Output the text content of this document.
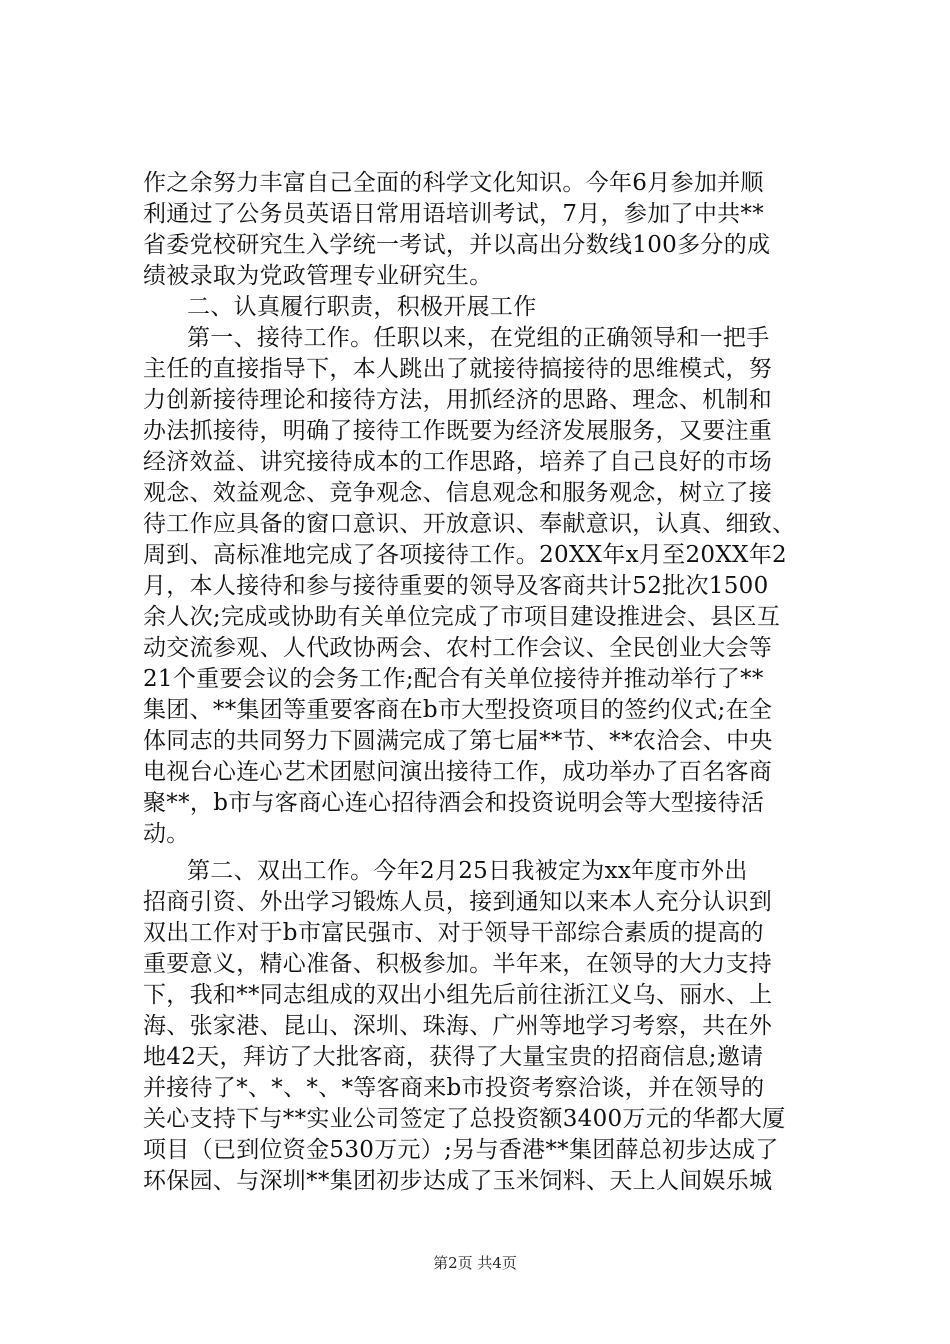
作之余努力丰富自己全面的科学文化知识。今年6月参加并顺
利通过了公务员英语日常用语培训考试，7月，参加了中共**
省委党校研究生入学统一考试，并以高出分数线100多分的成
绩被录取为党政管理专业研究生。
二、认真履行职责，积极开展工作
第一、接待工作。任职以来，在党组的正确领导和一把手
主任的直接指导下，本人跳出了就接待搞接待的思维模式，努
力创新接待理论和接待方法，用抓经济的思路、理念、机制和
办法抓接待，明确了接待工作既要为经济发展服务，又要注重
经济效益、讲究接待成本的工作思路，培养了自己良好的市场
观念、效益观念、竞争观念、信息观念和服务观念，树立了接
待工作应具备的窗口意识、开放意识、奉献意识，认真、细致、
周到、高标准地完成了各项接待工作。20XX年x月至20XX年2
月，本人接待和参与接待重要的领导及客商共计52批次1500
余人次;完成或协助有关单位完成了市项目建设推进会、县区互
动交流参观、人代政协两会、农村工作会议、全民创业大会等
21个重要会议的会务工作;配合有关单位接待并推动举行了**
集团、**集团等重要客商在b市大型投资项目的签约仪式;在全
体同志的共同努力下圆满完成了第七届**节、**农洽会、中央
电视台心连心艺术团慰问演出接待工作，成功举办了百名客商
聚**，b市与客商心连心招待酒会和投资说明会等大型接待活
动。
第二、双出工作。今年2月25日我被定为xx年度市外出
招商引资、外出学习锻炼人员，接到通知以来本人充分认识到
双出工作对于b市富民强市、对于领导干部综合素质的提高的
重要意义，精心准备、积极参加。半年来，在领导的大力支持
下，我和**同志组成的双出小组先后前往浙江义乌、丽水、上
海、张家港、昆山、深圳、珠海、广州等地学习考察，共在外
地42天，拜访了大批客商，获得了大量宝贵的招商信息;邀请
并接待了*、*、*、*等客商来b市投资考察洽谈，并在领导的
关心支持下与**实业公司签定了总投资额3400万元的华都大厦
项目（已到位资金530万元）;另与香港**集团薛总初步达成了
环保园、与深圳**集团初步达成了玉米饲料、天上人间娱乐城
第2页 共4页
